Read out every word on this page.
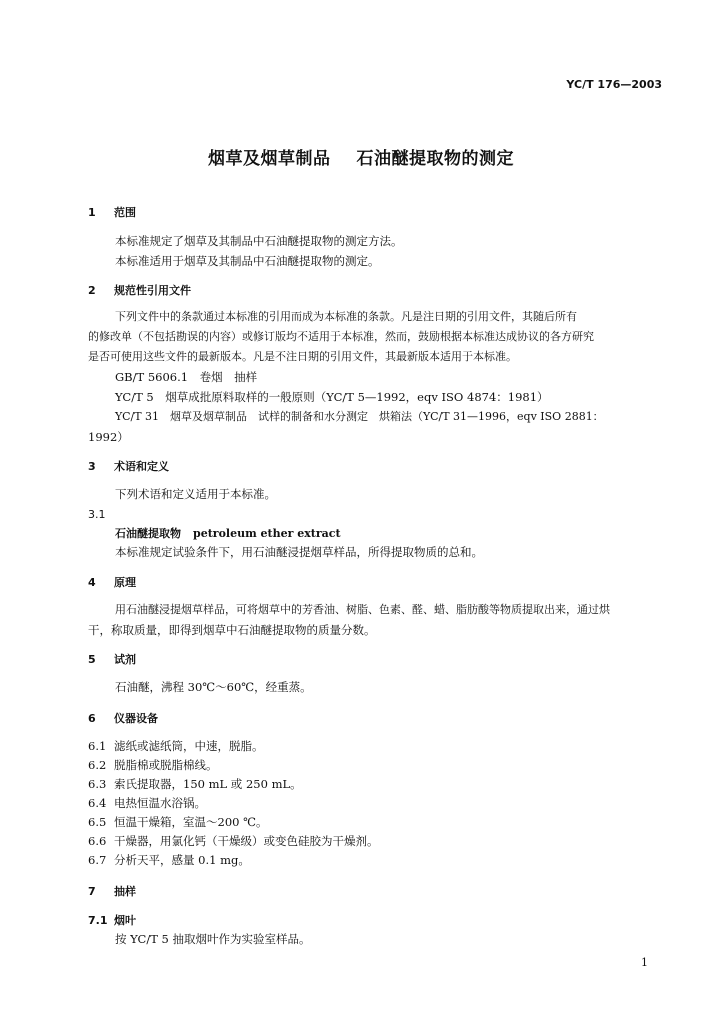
YC/T 176—2003
烟草及烟草制品 石油醚提取物的测定
1 范围
本标准规定了烟草及其制品中石油醚提取物的测定方法。
本标准适用于烟草及其制品中石油醚提取物的测定。
2 规范性引用文件
下列文件中的条款通过本标准的引用而成为本标准的条款。凡是注日期的引用文件，其随后所有
的修改单（不包括勘误的内容）或修订版均不适用于本标准，然而，鼓励根据本标准达成协议的各方研究
是否可使用这些文件的最新版本。凡是不注日期的引用文件，其最新版本适用于本标准。
GB/T 5606.1　卷烟　抽样
YC/T 5　烟草成批原料取样的一般原则（YC/T 5—1992，eqv ISO 4874：1981）
YC/T 31　烟草及烟草制品　试样的制备和水分测定　烘箱法（YC/T 31—1996，eqv ISO 2881：
1992）
3 术语和定义
下列术语和定义适用于本标准。
3.1
石油醚提取物 petroleum ether extract
本标准规定试验条件下，用石油醚浸提烟草样品，所得提取物质的总和。
4 原理
用石油醚浸提烟草样品，可将烟草中的芳香油、树脂、色素、醛、蜡、脂肪酸等物质提取出来，通过烘
干，称取质量，即得到烟草中石油醚提取物的质量分数。
5 试剂
石油醚，沸程 30℃～60℃，经重蒸。
6 仪器设备
6.1 滤纸或滤纸筒，中速，脱脂。
6.2 脱脂棉或脱脂棉线。
6.3 索氏提取器，150 mL 或 250 mL。
6.4 电热恒温水浴锅。
6.5 恒温干燥箱，室温～200 ℃。
6.6 干燥器，用氯化钙（干燥级）或变色硅胶为干燥剂。
6.7 分析天平，感量 0.1 mg。
7 抽样
7.1 烟叶
按 YC/T 5 抽取烟叶作为实验室样品。
1
